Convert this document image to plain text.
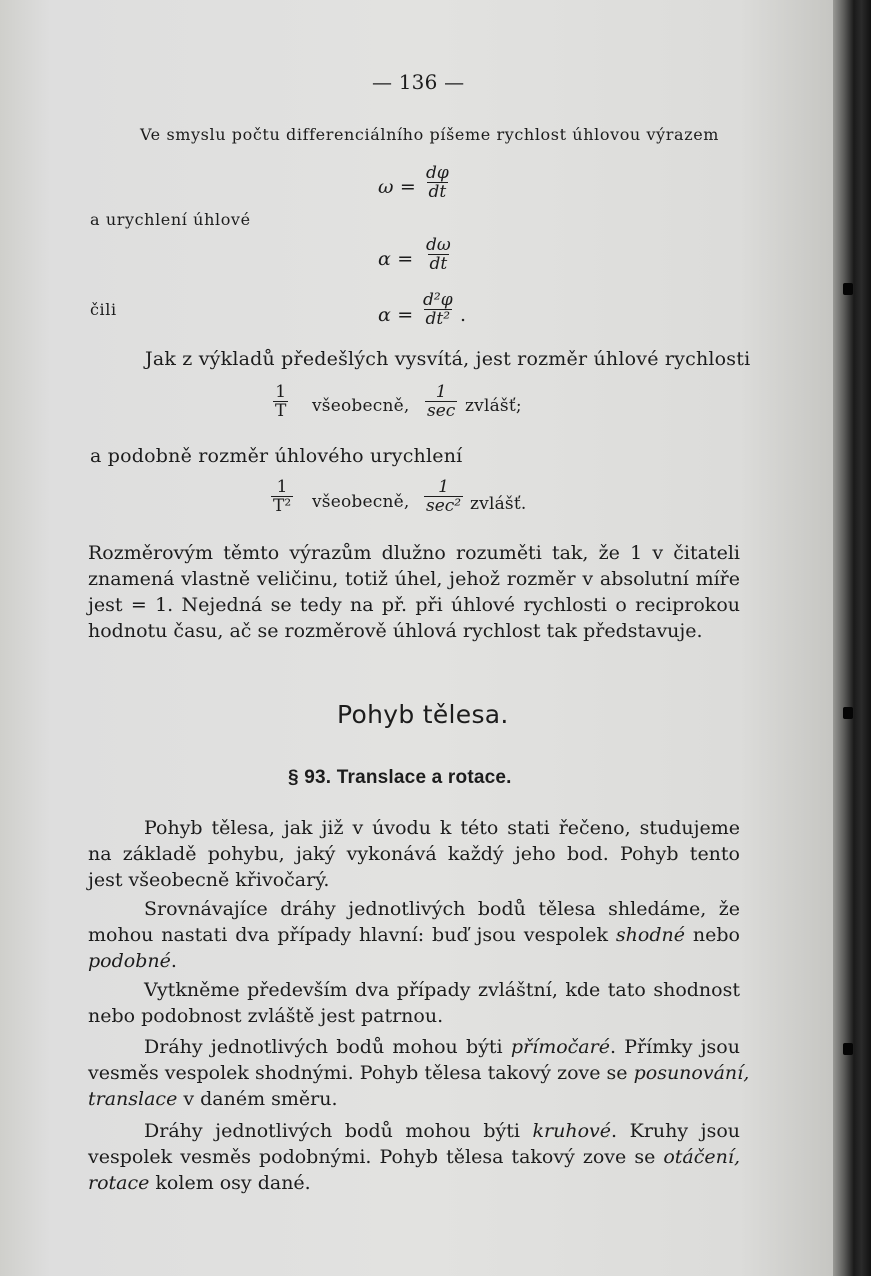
— 136 —
Ve smyslu počtu differenciálního píšeme rychlost úhlovou výrazem
$\omega = \frac{d\varphi}{dt}$
a urychlení úhlové
$\alpha = \frac{d\omega}{dt}$
čili	$\alpha = \frac{\text{d²φ}}{\text{dt²}}$ .
Jak z výkladů předešlých vysvítá, jest rozměr úhlové rychlosti
$\frac{1}{T}$ všeobecně,
1
sec zvlášť;
a podobně rozměr úhlového urychlení
$\frac{1}{\text{T²}}$ všeobecně,
1
sec² zvlášť.
Rozměrovým těmto výrazům dlužno rozuměti tak, že 1 v čitateli
znamená vlastně veličinu, totiž úhel, jehož rozměr v absolutní míře
jest = 1. Nejedná se tedy na př. při úhlové rychlosti o reciprokou
hodnotu času, ač se rozměrově úhlová rychlost tak představuje.
Pohyb tělesa.
§ 93. Translace a rotace.
Pohyb tělesa, jak již v úvodu k této stati řečeno, studujeme
na základě pohybu, jaký vykonává každý jeho bod. Pohyb tento
jest všeobecně křivočarý.
Srovnávajíce dráhy jednotlivých bodů tělesa shledáme, že
mohou nastati dva případy hlavní: buď jsou vespolek shodné nebo
podobné.
Vytkněme především dva případy zvláštní, kde tato shodnost
nebo podobnost zvláště jest patrnou.
Dráhy jednotlivých bodů mohou býti přímočaré. Přímky jsou
vesměs vespolek shodnými. Pohyb tělesa takový zove se posunování,
translace v daném směru.
Dráhy jednotlivých bodů mohou býti kruhové. Kruhy jsou
vespolek vesměs podobnými. Pohyb tělesa takový zove se otáčení,
rotace kolem osy dané.
